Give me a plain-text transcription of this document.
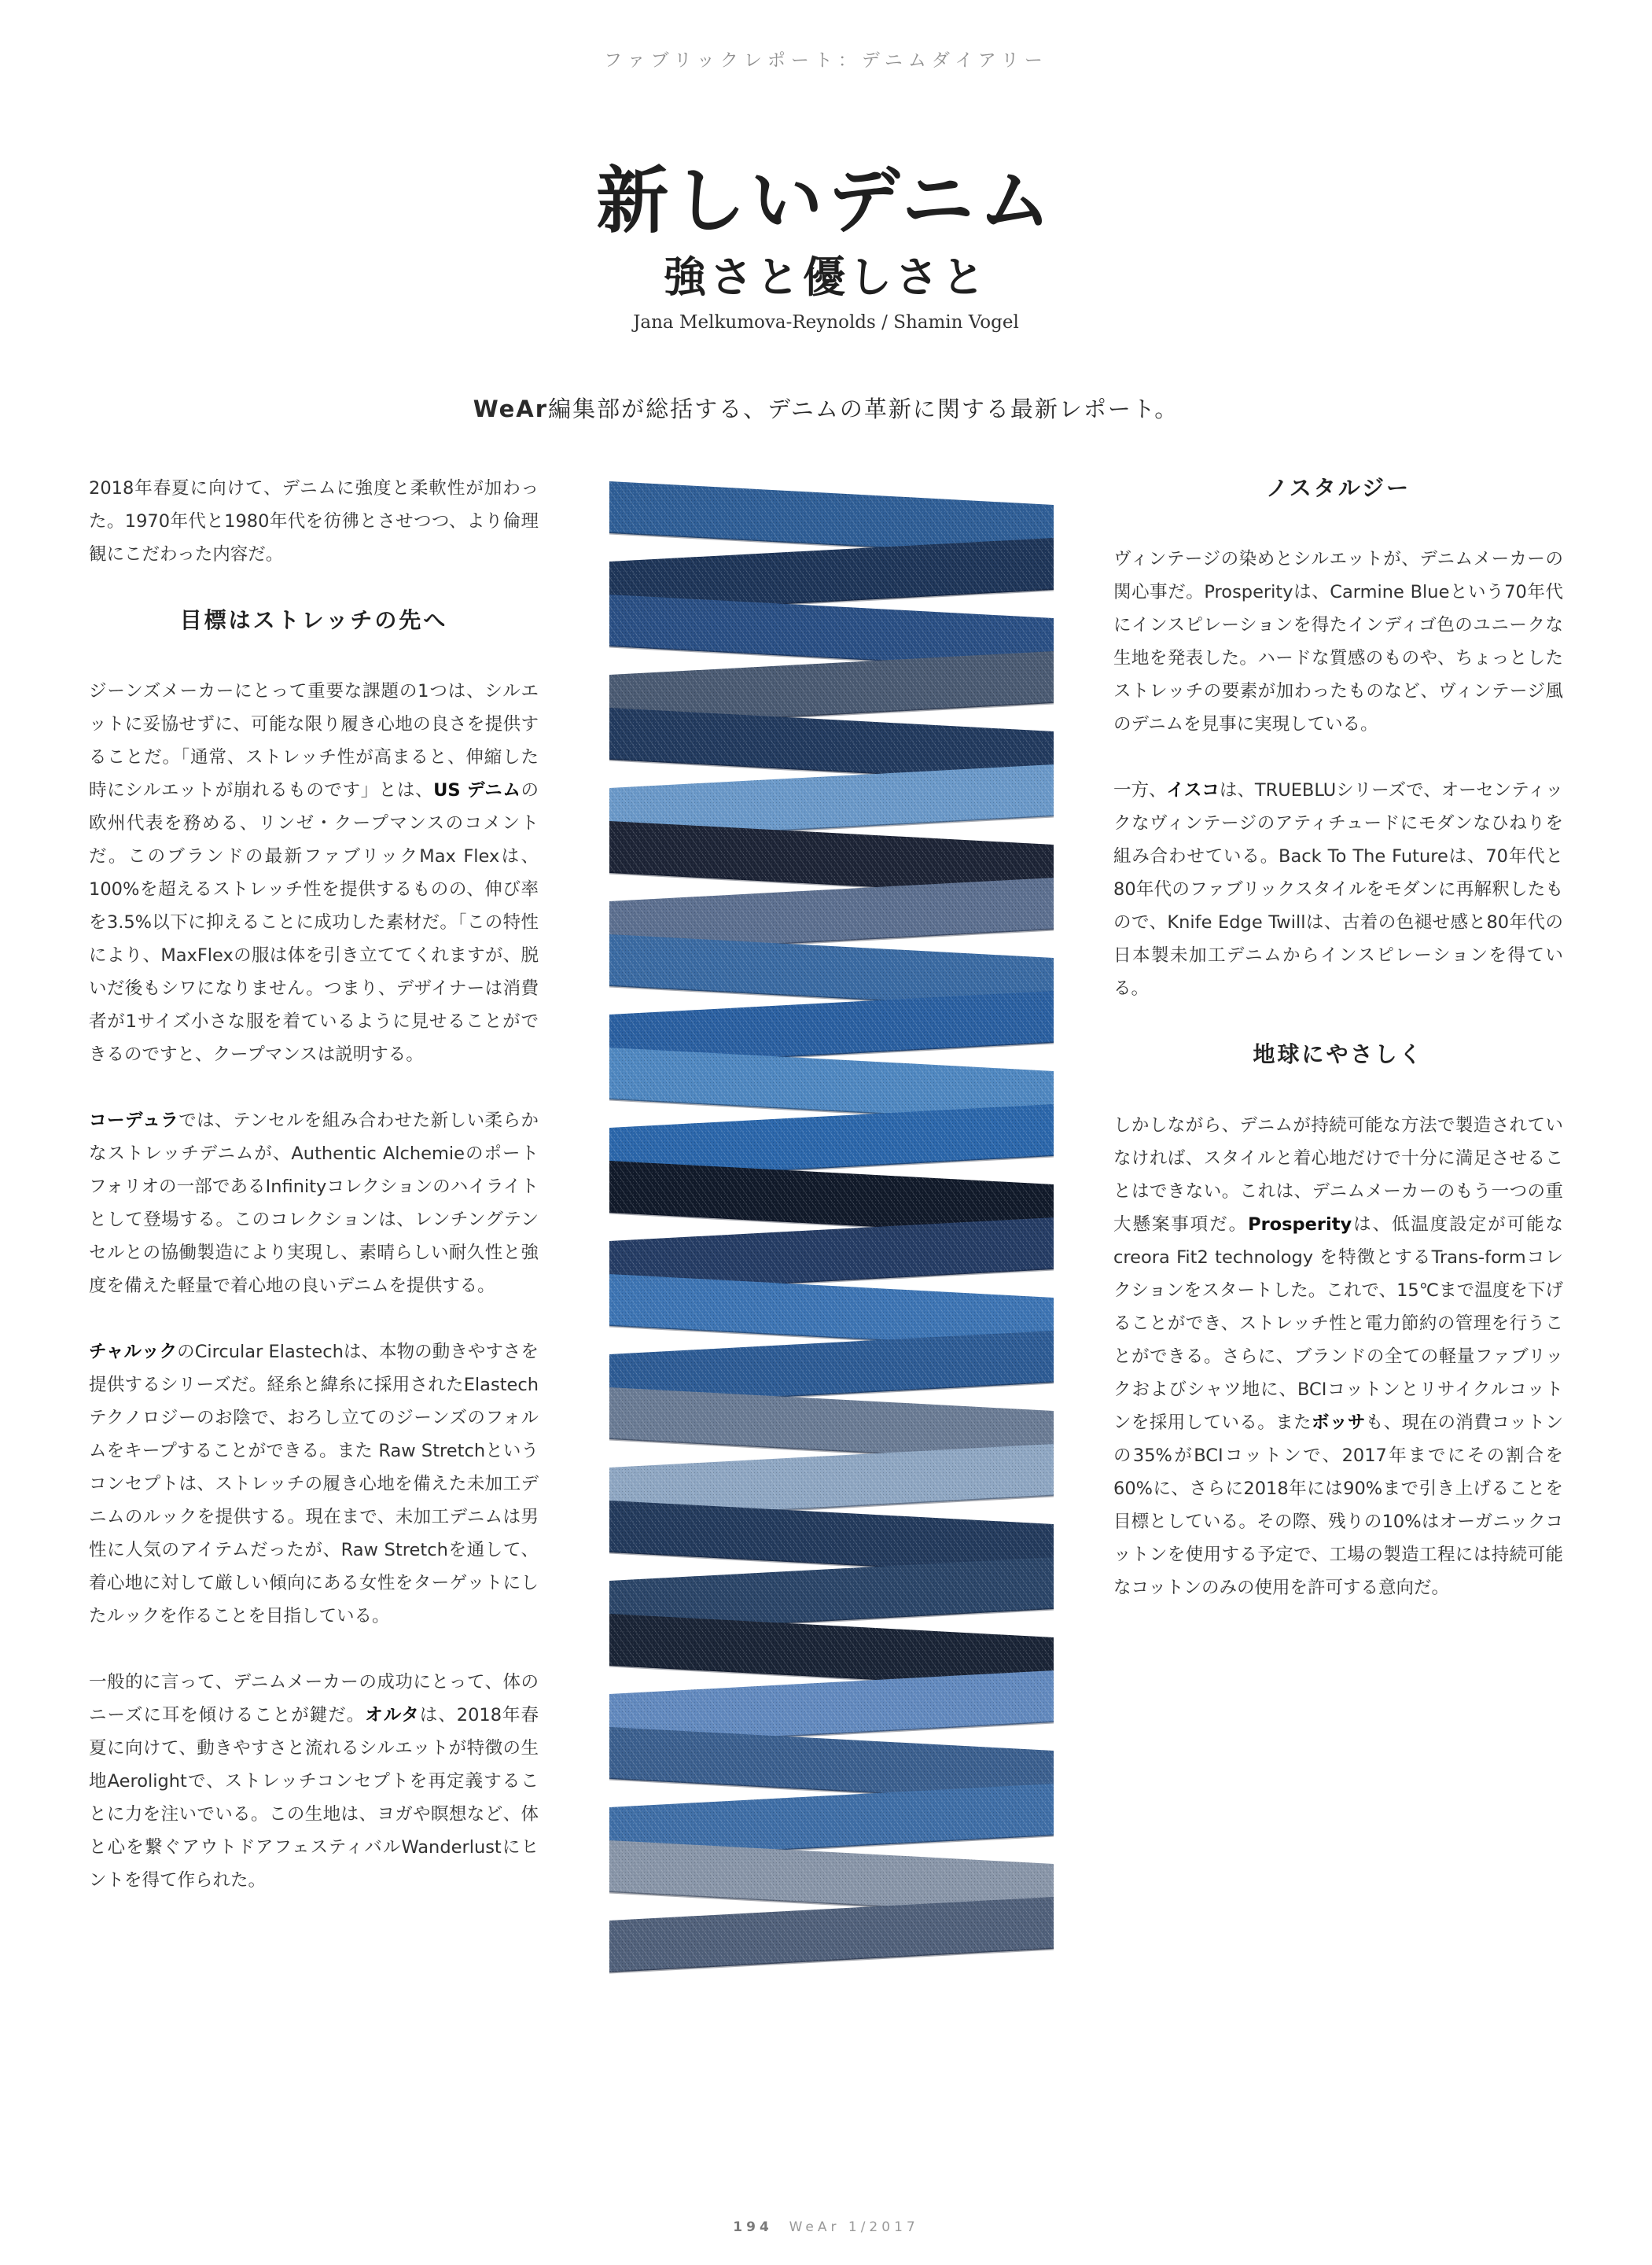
ファブリックレポート：デニムダイアリー
新しいデニム
強さと優しさと
Jana Melkumova-Reynolds / Shamin Vogel
WeAr編集部が総括する、デニムの革新に関する最新レポート。

2018年春夏に向けて、デニムに強度と柔軟性が加わった。1970年代と1980年代を彷彿とさせつつ、より倫理観にこだわった内容だ。

目標はストレッチの先へ

ジーンズメーカーにとって重要な課題の1つは、シルエットに妥協せずに、可能な限り履き心地の良さを提供することだ。「通常、ストレッチ性が高まると、伸縮した時にシルエットが崩れるものです」とは、US デニムの欧州代表を務める、リンゼ・クープマンスのコメントだ。このブランドの最新ファブリックMax Flexは、100%を超えるストレッチ性を提供するものの、伸び率を3.5%以下に抑えることに成功した素材だ。「この特性により、MaxFlexの服は体を引き立ててくれますが、脱いだ後もシワになりません。つまり、デザイナーは消費者が1サイズ小さな服を着ているように見せることができるのですと、クープマンスは説明する。

コーデュラでは、テンセルを組み合わせた新しい柔らかなストレッチデニムが、Authentic Alchemieのポートフォリオの一部であるInfinityコレクションのハイライトとして登場する。このコレクションは、レンチングテンセルとの協働製造により実現し、素晴らしい耐久性と強度を備えた軽量で着心地の良いデニムを提供する。

チャルックのCircular Elastechは、本物の動きやすさを提供するシリーズだ。経糸と緯糸に採用されたElastechテクノロジーのお陰で、おろし立てのジーンズのフォルムをキープすることができる。また Raw Stretchというコンセプトは、ストレッチの履き心地を備えた未加工デニムのルックを提供する。現在まで、未加工デニムは男性に人気のアイテムだったが、Raw Stretchを通して、着心地に対して厳しい傾向にある女性をターゲットにしたルックを作ることを目指している。

一般的に言って、デニムメーカーの成功にとって、体のニーズに耳を傾けることが鍵だ。オルタは、2018年春夏に向けて、動きやすさと流れるシルエットが特徴の生地Aerolightで、ストレッチコンセプトを再定義することに力を注いでいる。この生地は、ヨガや瞑想など、体と心を繋ぐアウトドアフェスティバルWanderlustにヒントを得て作られた。

ノスタルジー

ヴィンテージの染めとシルエットが、デニムメーカーの関心事だ。Prosperityは、Carmine Blueという70年代にインスピレーションを得たインディゴ色のユニークな生地を発表した。ハードな質感のものや、ちょっとしたストレッチの要素が加わったものなど、ヴィンテージ風のデニムを見事に実現している。

一方、イスコは、TRUEBLUシリーズで、オーセンティックなヴィンテージのアティチュードにモダンなひねりを組み合わせている。Back To The Futureは、70年代と80年代のファブリックスタイルをモダンに再解釈したもので、Knife Edge Twillは、古着の色褪せ感と80年代の日本製未加工デニムからインスピレーションを得ている。

地球にやさしく

しかしながら、デニムが持続可能な方法で製造されていなければ、スタイルと着心地だけで十分に満足させることはできない。これは、デニムメーカーのもう一つの重大懸案事項だ。Prosperityは、低温度設定が可能なcreora Fit2 technology を特徴とするTrans-formコレクションをスタートした。これで、15℃まで温度を下げることができ、ストレッチ性と電力節約の管理を行うことができる。さらに、ブランドの全ての軽量ファブリックおよびシャツ地に、BCIコットンとリサイクルコットンを採用している。またボッサも、現在の消費コットンの35%がBCIコットンで、2017年までにその割合を60%に、さらに2018年には90%まで引き上げることを目標としている。その際、残りの10%はオーガニックコットンを使用する予定で、工場の製造工程には持続可能なコットンのみの使用を許可する意向だ。

194 WeAr 1/2017
